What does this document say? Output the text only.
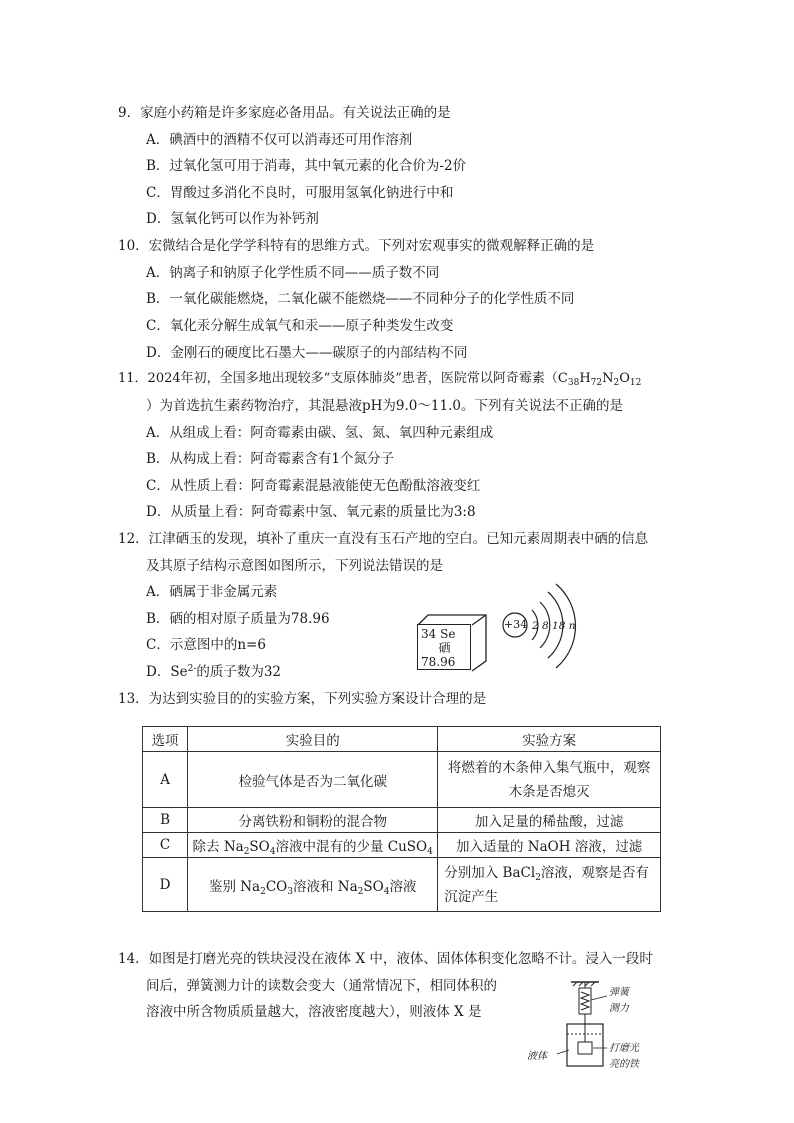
9．家庭小药箱是许多家庭必备用品。有关说法正确的是
A．碘酒中的酒精不仅可以消毒还可用作溶剂
B．过氧化氢可用于消毒，其中氧元素的化合价为-2价
C．胃酸过多消化不良时，可服用氢氧化钠进行中和
D．氢氧化钙可以作为补钙剂
10．宏微结合是化学学科特有的思维方式。下列对宏观事实的微观解释正确的是
A．钠离子和钠原子化学性质不同——质子数不同
B．一氧化碳能燃烧，二氧化碳不能燃烧——不同种分子的化学性质不同
C．氧化汞分解生成氧气和汞——原子种类发生改变
D．金刚石的硬度比石墨大——碳原子的内部结构不同
11．2024年初，全国多地出现较多“支原体肺炎”患者，医院常以阿奇霉素（$C_{38}H_{72}N_2O_{12}$
）为首选抗生素药物治疗，其混悬液pH为9.0～11.0。下列有关说法不正确的是
A．从组成上看：阿奇霉素由碳、氢、氮、氧四种元素组成
B．从构成上看：阿奇霉素含有1个氮分子
C．从性质上看：阿奇霉素混悬液能使无色酚酞溶液变红
D．从质量上看：阿奇霉素中氢、氧元素的质量比为3:8
12．江津硒玉的发现，填补了重庆一直没有玉石产地的空白。已知元素周期表中硒的信息
及其原子结构示意图如图所示，下列说法错误的是
A．硒属于非金属元素
B．硒的相对原子质量为78.96
C．示意图中的n=6
D．$Se^{2-}$的质子数为32
34 Se
硒
78.96
+34 2 8 18 n
13．为达到实验目的的实验方案，下列实验方案设计合理的是
选项	实验目的	实验方案
A	检验气体是否为二氧化碳	将燃着的木条伸入集气瓶中，观察木条是否熄灭
B	分离铁粉和铜粉的混合物	加入足量的稀盐酸，过滤
C	除去 $Na_2SO_4$溶液中混有的少量 CuSO$_4$	加入适量的 NaOH 溶液，过滤
D	鉴别 $Na_2CO_3$溶液和 $Na_2SO_4$溶液	分别加入 BaCl$_2$溶液，观察是否有沉淀产生
14．如图是打磨光亮的铁块浸没在液体 X 中，液体、固体体积变化忽略不计。浸入一段时
间后，弹簧测力计的读数会变大（通常情况下，相同体积的
溶液中所含物质质量越大，溶液密度越大），则液体 X 是
弹簧
测力
液体
打磨光
亮的铁
